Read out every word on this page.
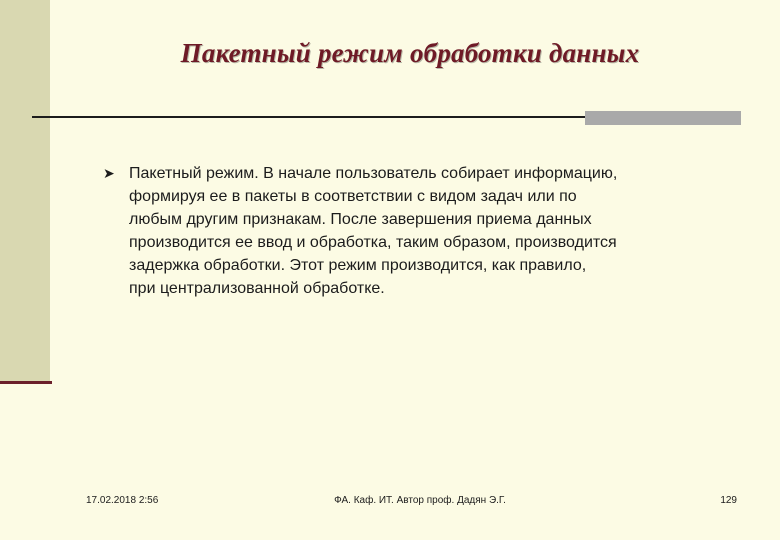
Пакетный режим обработки данных
➤ Пакетный режим. В начале пользователь собирает информацию,
формируя ее в пакеты в соответствии с видом задач или по
любым другим признакам. После завершения приема данных
производится ее ввод и обработка, таким образом, производится
задержка обработки. Этот режим производится, как правило,
при централизованной обработке.
17.02.2018 2:56	ФА. Каф. ИТ. Автор проф. Дадян Э.Г.	129
